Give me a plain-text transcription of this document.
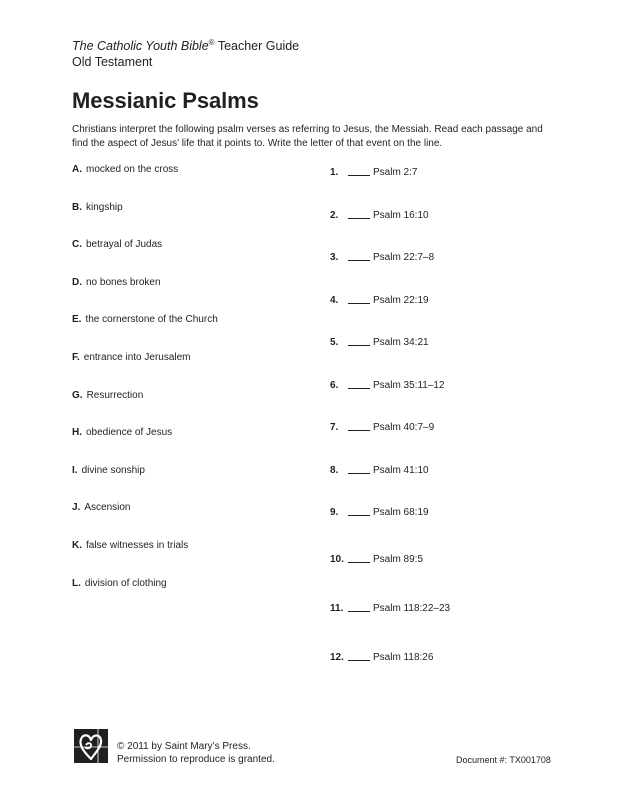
The Catholic Youth Bible® Teacher Guide
Old Testament
Messianic Psalms
Christians interpret the following psalm verses as referring to Jesus, the Messiah. Read each passage and find the aspect of Jesus’ life that it points to. Write the letter of that event on the line.
A. mocked on the cross
B. kingship
C. betrayal of Judas
D. no bones broken
E. the cornerstone of the Church
F. entrance into Jerusalem
G. Resurrection
H. obedience of Jesus
I. divine sonship
J. Ascension
K. false witnesses in trials
L. division of clothing
1.	Psalm 2:7
2.	Psalm 16:10
3.	Psalm 22:7–8
4.	Psalm 22:19
5.	Psalm 34:21
6.	Psalm 35:11–12
7.	Psalm 40:7–9
8.	Psalm 41:10
9.	Psalm 68:19
10.	Psalm 89:5
11.	Psalm 118:22–23
12.	Psalm 118:26
© 2011 by Saint Mary’s Press.
Permission to reproduce is granted.	Document #: TX001708
